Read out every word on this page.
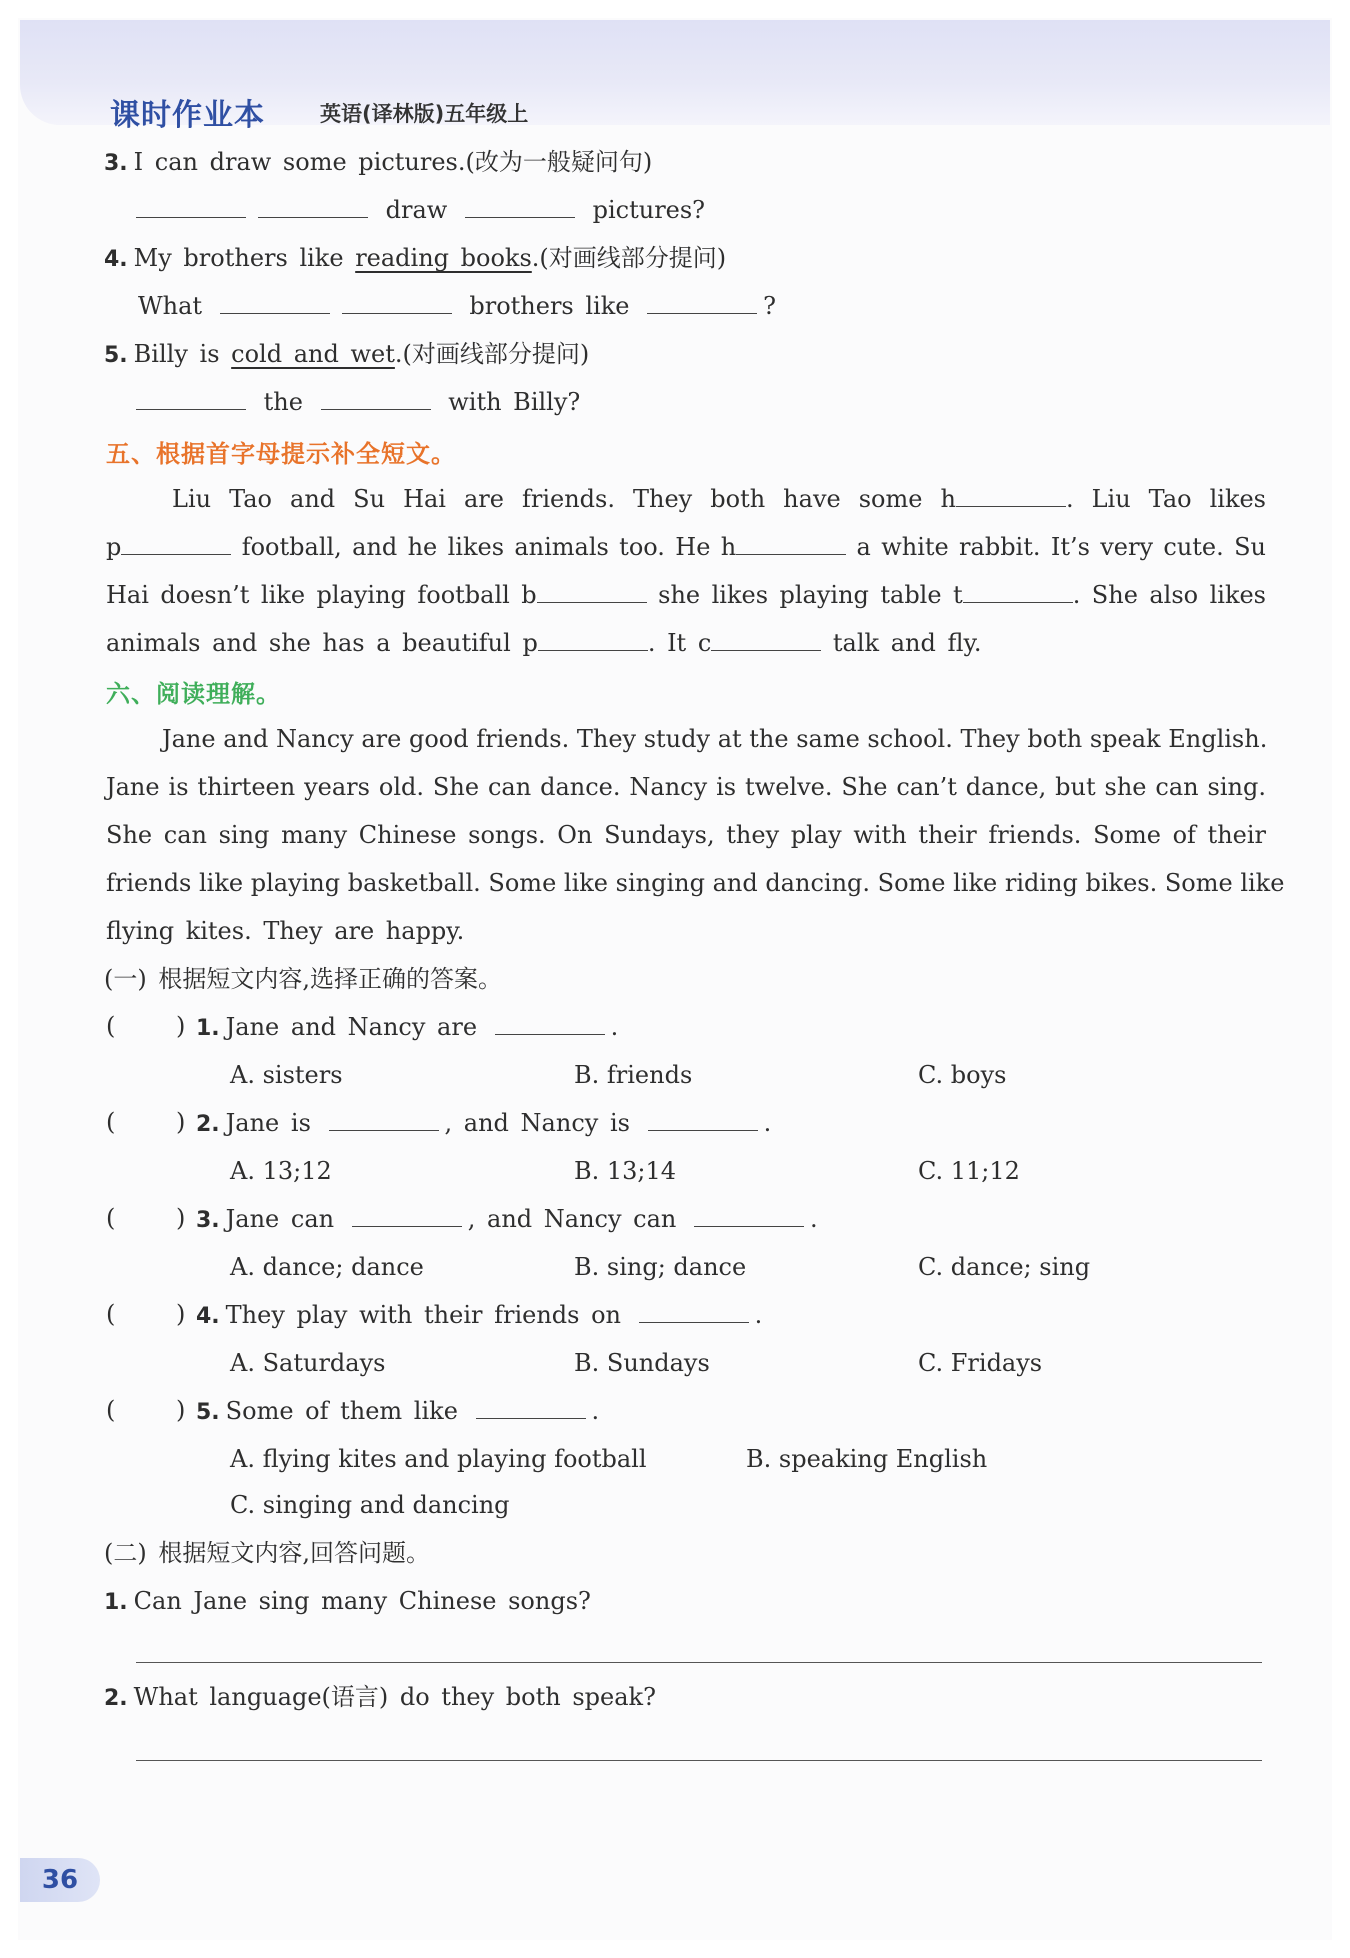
课时作业本	英语(译林版)五年级上
3. I can draw some pictures.(改为一般疑问句)
draw	pictures?
4. My brothers like reading books.(对画线部分提问)
What	brothers like	?
5. Billy is cold and wet.(对画线部分提问)
the	with Billy?
五、根据首字母提示补全短文。
Liu Tao and Su Hai are friends. They both have some h	. Liu Tao likes
p	football, and he likes animals too. He h	a white rabbit. It’s very cute. Su
Hai doesn’t like playing football b	she likes playing table t	. She also likes
animals and she has a beautiful p	. It c	talk and fly.
六、阅读理解。
Jane and Nancy are good friends. They study at the same school. They both speak English.
Jane is thirteen years old. She can dance. Nancy is twelve. She can’t dance, but she can sing.
She can sing many Chinese songs. On Sundays, they play with their friends. Some of their
friends like playing basketball. Some like singing and dancing. Some like riding bikes. Some like
flying kites. They are happy.
(一) 根据短文内容,选择正确的答案。
(	) 1. Jane and Nancy are	.
A. sisters	B. friends	C. boys
(	) 2. Jane is	, and Nancy is	.
A. 13;12	B. 13;14	C. 11;12
(	) 3. Jane can	, and Nancy can	.
A. dance; dance	B. sing; dance	C. dance; sing
(	) 4. They play with their friends on	.
A. Saturdays	B. Sundays	C. Fridays
(	) 5. Some of them like	.
A. flying kites and playing football	B. speaking English
C. singing and dancing
(二) 根据短文内容,回答问题。
1. Can Jane sing many Chinese songs?
2. What language(语言) do they both speak?
36
